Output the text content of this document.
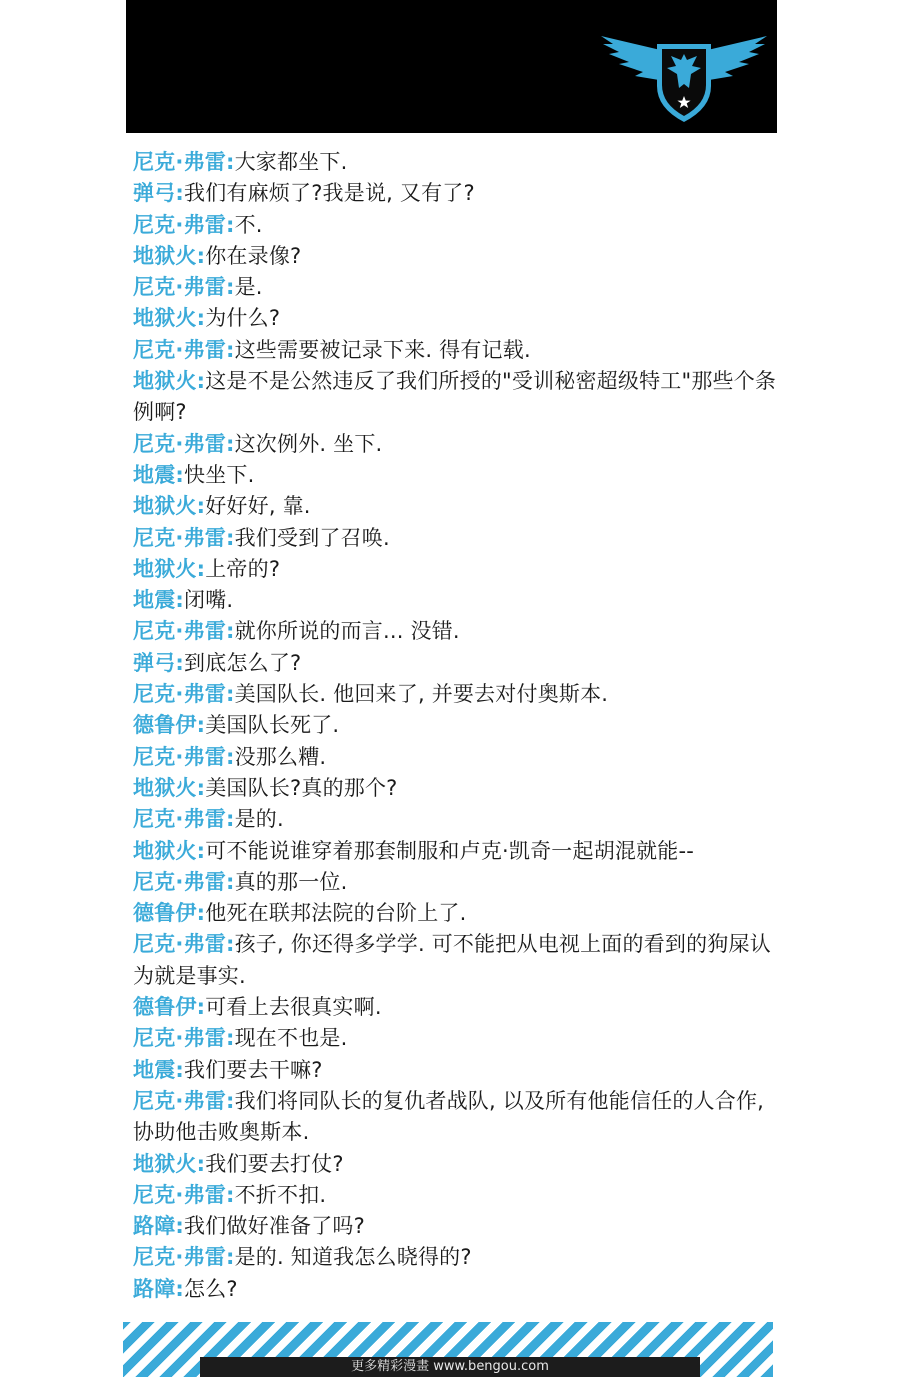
尼克·弗雷:大家都坐下.
弹弓:我们有麻烦了?我是说, 又有了?
尼克·弗雷:不.
地狱火:你在录像?
尼克·弗雷:是.
地狱火:为什么?
尼克·弗雷:这些需要被记录下来. 得有记载.
地狱火:这是不是公然违反了我们所授的"受训秘密超级特工"那些个条例啊?
尼克·弗雷:这次例外. 坐下.
地震:快坐下.
地狱火:好好好, 靠.
尼克·弗雷:我们受到了召唤.
地狱火:上帝的?
地震:闭嘴.
尼克·弗雷:就你所说的而言... 没错.
弹弓:到底怎么了?
尼克·弗雷:美国队长. 他回来了, 并要去对付奥斯本.
德鲁伊:美国队长死了.
尼克·弗雷:没那么糟.
地狱火:美国队长?真的那个?
尼克·弗雷:是的.
地狱火:可不能说谁穿着那套制服和卢克·凯奇一起胡混就能--
尼克·弗雷:真的那一位.
德鲁伊:他死在联邦法院的台阶上了.
尼克·弗雷:孩子, 你还得多学学. 可不能把从电视上面的看到的狗屎认为就是事实.
德鲁伊:可看上去很真实啊.
尼克·弗雷:现在不也是.
地震:我们要去干嘛?
尼克·弗雷:我们将同队长的复仇者战队, 以及所有他能信任的人合作, 协助他击败奥斯本.
地狱火:我们要去打仗?
尼克·弗雷:不折不扣.
路障:我们做好准备了吗?
尼克·弗雷:是的. 知道我怎么晓得的?
路障:怎么?
更多精彩漫畫 www.bengou.com
